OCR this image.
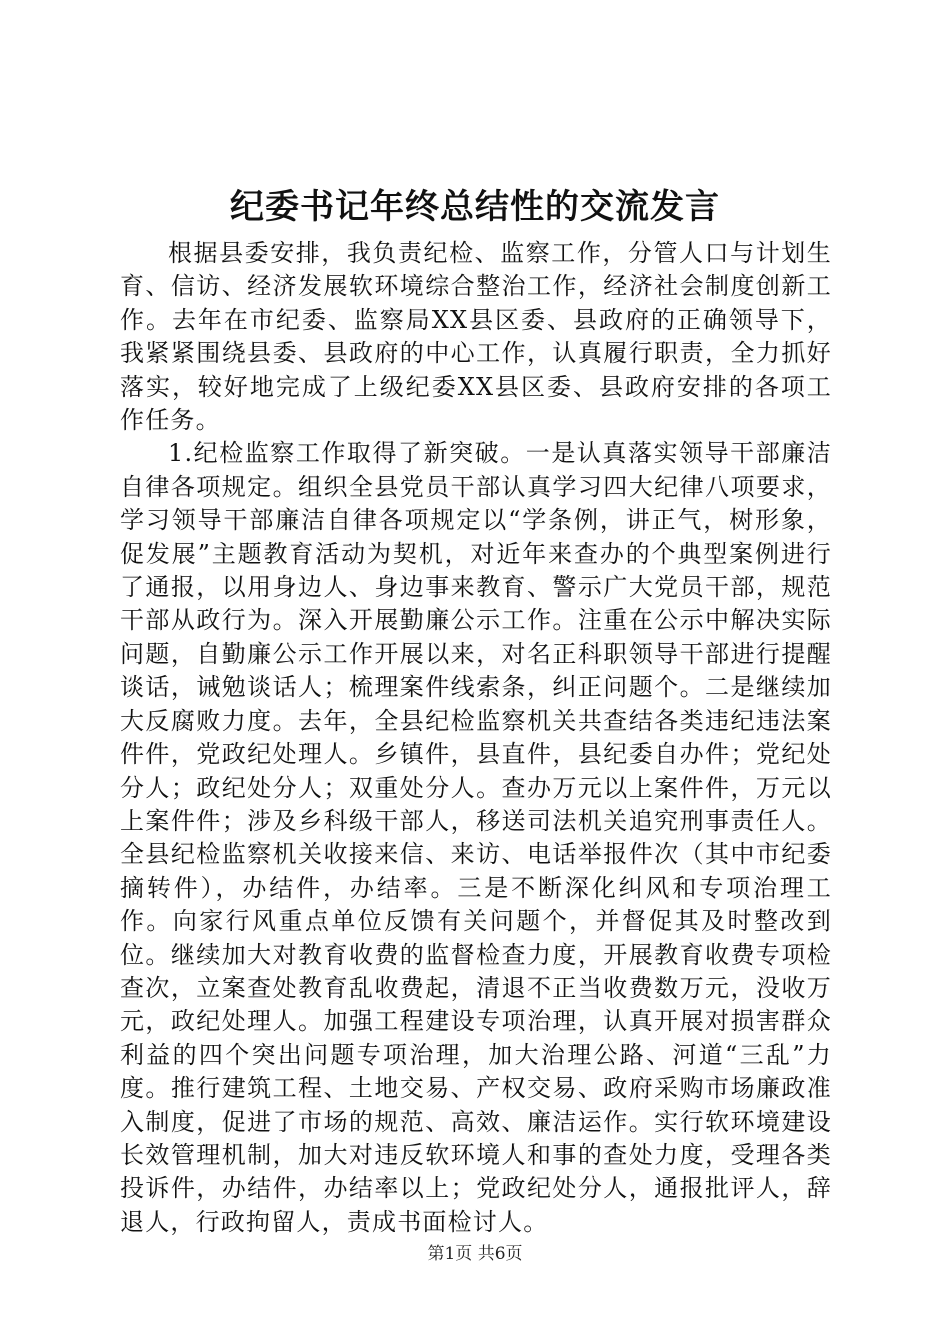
纪委书记年终总结性的交流发言

根据县委安排，我负责纪检、监察工作，分管人口与计划生育、信访、经济发展软环境综合整治工作，经济社会制度创新工作。去年在市纪委、监察局XX县区委、县政府的正确领导下，我紧紧围绕县委、县政府的中心工作，认真履行职责，全力抓好落实，较好地完成了上级纪委XX县区委、县政府安排的各项工作任务。

1.纪检监察工作取得了新突破。一是认真落实领导干部廉洁自律各项规定。组织全县党员干部认真学习四大纪律八项要求，学习领导干部廉洁自律各项规定以“学条例，讲正气，树形象，促发展”主题教育活动为契机，对近年来查办的个典型案例进行了通报，以用身边人、身边事来教育、警示广大党员干部，规范干部从政行为。深入开展勤廉公示工作。注重在公示中解决实际问题，自勤廉公示工作开展以来，对名正科职领导干部进行提醒谈话，诫勉谈话人；梳理案件线索条，纠正问题个。二是继续加大反腐败力度。去年，全县纪检监察机关共查结各类违纪违法案件件，党政纪处理人。乡镇件，县直件，县纪委自办件；党纪处分人；政纪处分人；双重处分人。查办万元以上案件件，万元以上案件件；涉及乡科级干部人，移送司法机关追究刑事责任人。全县纪检监察机关收接来信、来访、电话举报件次（其中市纪委摘转件），办结件，办结率。三是不断深化纠风和专项治理工作。向家行风重点单位反馈有关问题个，并督促其及时整改到位。继续加大对教育收费的监督检查力度，开展教育收费专项检查次，立案查处教育乱收费起，清退不正当收费数万元，没收万元，政纪处理人。加强工程建设专项治理，认真开展对损害群众利益的四个突出问题专项治理，加大治理公路、河道“三乱”力度。推行建筑工程、土地交易、产权交易、政府采购市场廉政准入制度，促进了市场的规范、高效、廉洁运作。实行软环境建设长效管理机制，加大对违反软环境人和事的查处力度，受理各类投诉件，办结件，办结率以上；党政纪处分人，通报批评人，辞退人，行政拘留人，责成书面检讨人。

第1页 共6页
